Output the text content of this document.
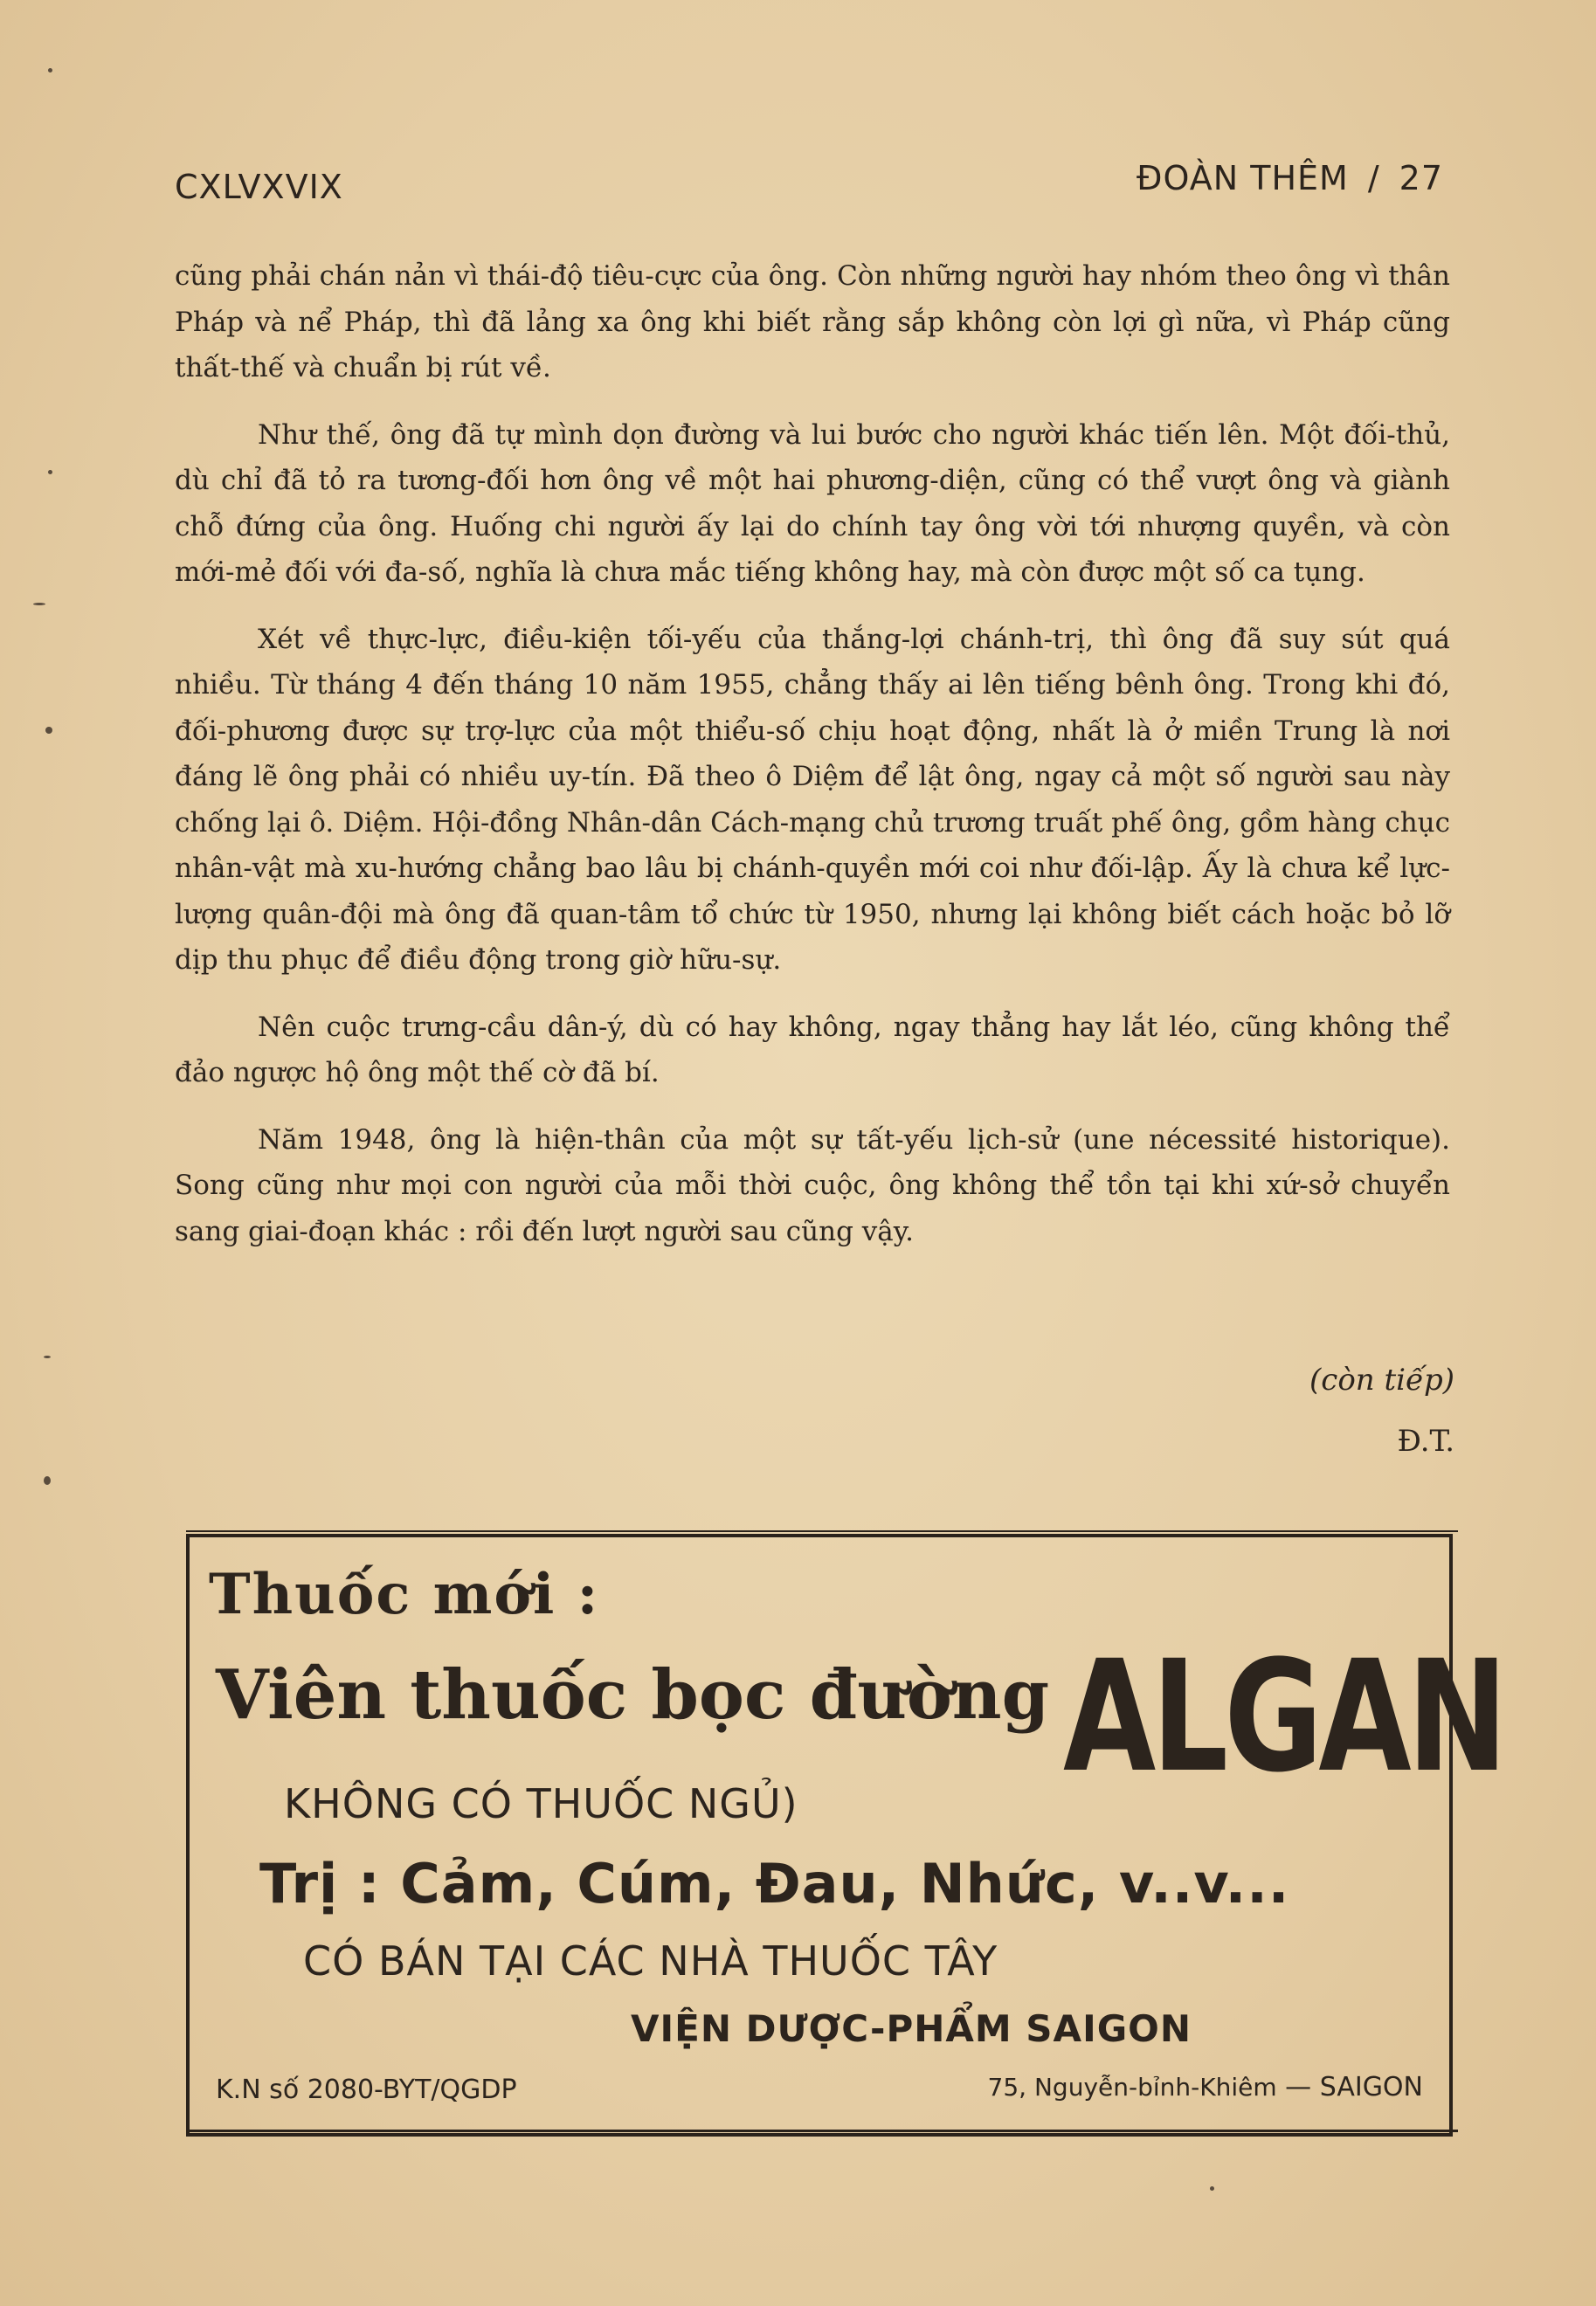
CXLVXVIX	ĐOÀN THÊM / 27

cũng phải chán nản vì thái-độ tiêu-cực của ông. Còn những người hay nhóm theo ông vì thân Pháp và nể Pháp, thì đã lảng xa ông khi biết rằng sắp không còn lợi gì nữa, vì Pháp cũng thất-thế và chuẩn bị rút về.

Như thế, ông đã tự mình dọn đường và lui bước cho người khác tiến lên. Một đối-thủ, dù chỉ đã tỏ ra tương-đối hơn ông về một hai phương-diện, cũng có thể vượt ông và giành chỗ đứng của ông. Huống chi người ấy lại do chính tay ông vời tới nhượng quyền, và còn mới-mẻ đối với đa-số, nghĩa là chưa mắc tiếng không hay, mà còn được một số ca tụng.

Xét về thực-lực, điều-kiện tối-yếu của thắng-lợi chánh-trị, thì ông đã suy sút quá nhiều. Từ tháng 4 đến tháng 10 năm 1955, chẳng thấy ai lên tiếng bênh ông. Trong khi đó, đối-phương được sự trợ-lực của một thiểu-số chịu hoạt động, nhất là ở miền Trung là nơi đáng lẽ ông phải có nhiều uy-tín. Đã theo ô Diệm để lật ông, ngay cả một số người sau này chống lại ô. Diệm. Hội-đồng Nhân-dân Cách-mạng chủ trương truất phế ông, gồm hàng chục nhân-vật mà xu-hướng chẳng bao lâu bị chánh-quyền mới coi như đối-lập. Ấy là chưa kể lực-lượng quân-đội mà ông đã quan-tâm tổ chức từ 1950, nhưng lại không biết cách hoặc bỏ lỡ dịp thu phục để điều động trong giờ hữu-sự.

Nên cuộc trưng-cầu dân-ý, dù có hay không, ngay thẳng hay lắt léo, cũng không thể đảo ngược hộ ông một thế cờ đã bí.

Năm 1948, ông là hiện-thân của một sự tất-yếu lịch-sử (une nécessité historique). Song cũng như mọi con người của mỗi thời cuộc, ông không thể tồn tại khi xứ-sở chuyển sang giai-đoạn khác : rồi đến lượt người sau cũng vậy.

(còn tiếp)
Đ.T.
Thuốc mới :
Viên thuốc bọc đường ALGAN
KHÔNG CÓ THUỐC NGỦ)
Trị : Cảm, Cúm, Đau, Nhức, v..v...
CÓ BÁN TẠI CÁC NHÀ THUỐC TÂY
VIỆN DƯỢC-PHẨM SAIGON
K.N số 2080-BYT/QGDP	75, Nguyễn-bỉnh-Khiêm — SAIGON
